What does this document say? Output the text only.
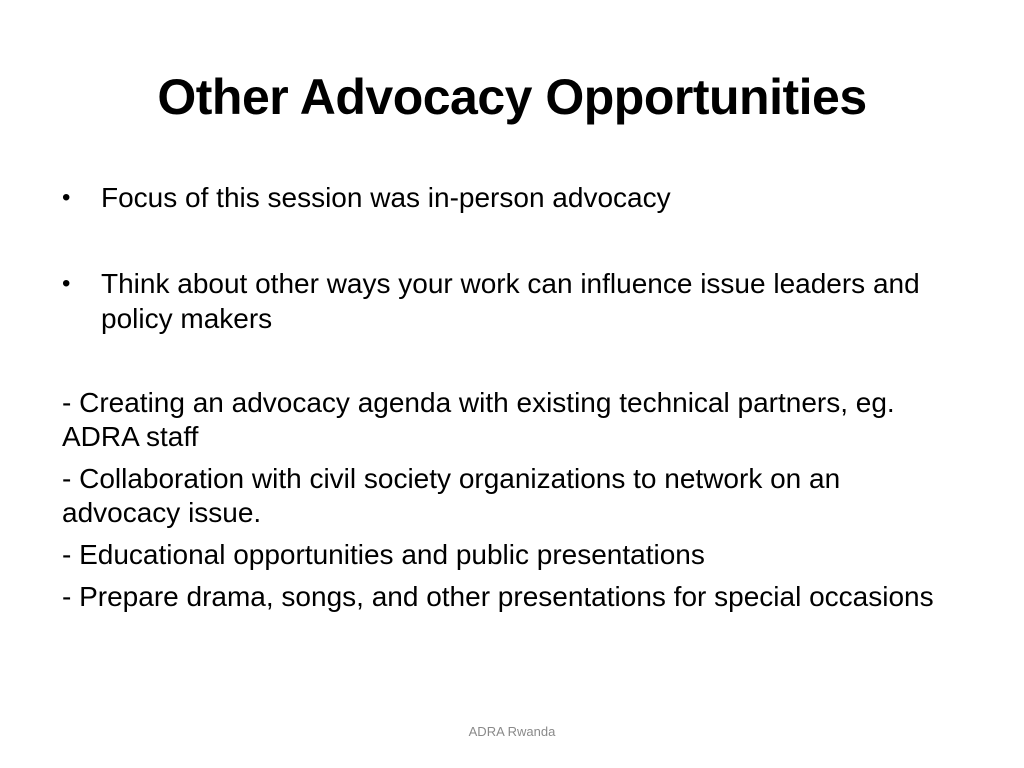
Other Advocacy Opportunities
•	Focus of this session was in-person advocacy
•	Think about other ways your work can influence issue leaders and policy makers
- Creating an advocacy agenda with existing technical partners, eg. ADRA staff
- Collaboration with civil society organizations to network on an advocacy issue.
- Educational opportunities and public presentations
- Prepare drama, songs, and other presentations for special occasions
ADRA Rwanda
